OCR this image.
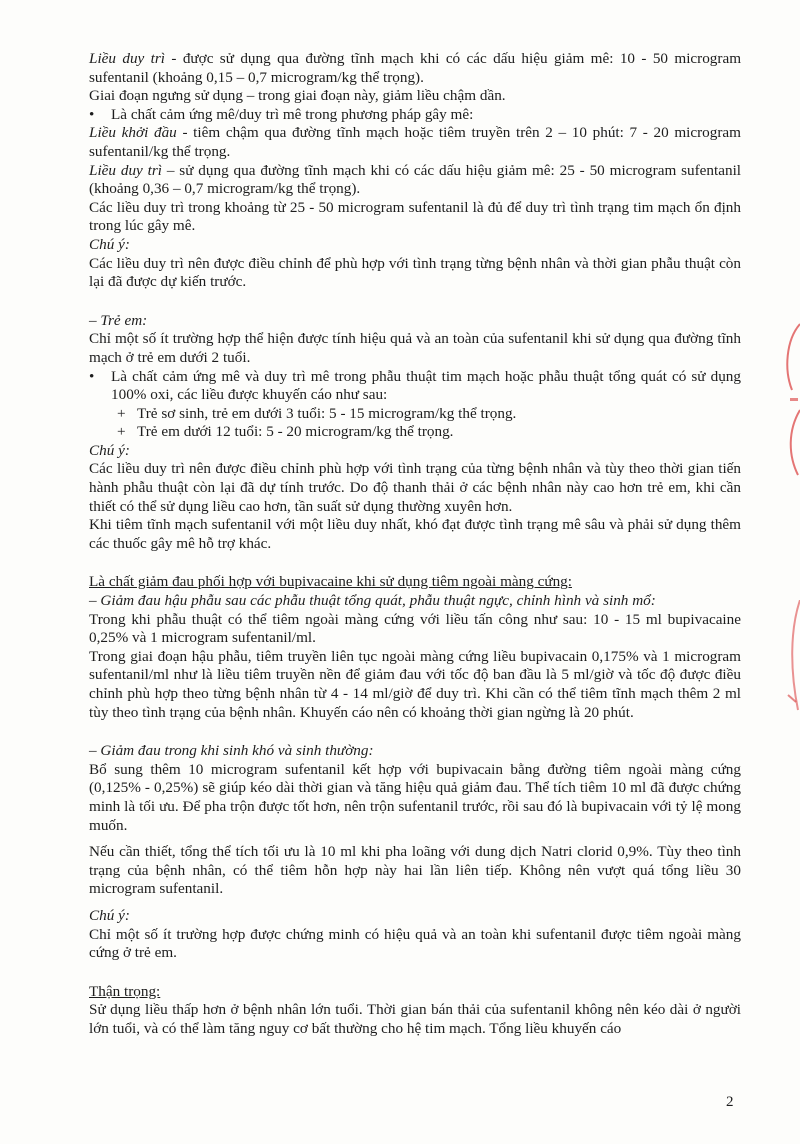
Liều duy trì - được sử dụng qua đường tĩnh mạch khi có các dấu hiệu giảm mê: 10 - 50 microgram sufentanil (khoảng 0,15 – 0,7 microgram/kg thể trọng).

Giai đoạn ngưng sử dụng – trong giai đoạn này, giảm liều chậm dần.

•	Là chất cảm ứng mê/duy trì mê trong phương pháp gây mê:

Liều khởi đầu - tiêm chậm qua đường tĩnh mạch hoặc tiêm truyền trên 2 – 10 phút: 7 - 20 microgram sufentanil/kg thể trọng.

Liều duy trì – sử dụng qua đường tĩnh mạch khi có các dấu hiệu giảm mê: 25 - 50 microgram sufentanil (khoảng 0,36 – 0,7 microgram/kg thể trọng).

Các liều duy trì trong khoảng từ 25 - 50 microgram sufentanil là đủ để duy trì tình trạng tim mạch ổn định trong lúc gây mê.

Chú ý:

Các liều duy trì nên được điều chỉnh để phù hợp với tình trạng từng bệnh nhân và thời gian phẫu thuật còn lại đã được dự kiến trước.

– Trẻ em:

Chỉ một số ít trường hợp thể hiện được tính hiệu quả và an toàn của sufentanil khi sử dụng qua đường tĩnh mạch ở trẻ em dưới 2 tuổi.

•	Là chất cảm ứng mê và duy trì mê trong phẫu thuật tim mạch hoặc phẫu thuật tổng quát có sử dụng 100% oxi, các liều được khuyến cáo như sau:
+ Trẻ sơ sinh, trẻ em dưới 3 tuổi: 5 - 15 microgram/kg thể trọng.
+ Trẻ em dưới 12 tuổi: 5 - 20 microgram/kg thể trọng.

Chú ý:

Các liều duy trì nên được điều chỉnh phù hợp với tình trạng của từng bệnh nhân và tùy theo thời gian tiến hành phẫu thuật còn lại đã dự tính trước. Do độ thanh thải ở các bệnh nhân này cao hơn trẻ em, khi cần thiết có thể sử dụng liều cao hơn, tần suất sử dụng thường xuyên hơn.

Khi tiêm tĩnh mạch sufentanil với một liều duy nhất, khó đạt được tình trạng mê sâu và phải sử dụng thêm các thuốc gây mê hỗ trợ khác.

Là chất giảm đau phối hợp với bupivacaine khi sử dụng tiêm ngoài màng cứng:

– Giảm đau hậu phẫu sau các phẫu thuật tổng quát, phẫu thuật ngực, chỉnh hình và sinh mổ:

Trong khi phẫu thuật có thể tiêm ngoài màng cứng với liều tấn công như sau: 10 - 15 ml bupivacaine 0,25% và 1 microgram sufentanil/ml.

Trong giai đoạn hậu phẫu, tiêm truyền liên tục ngoài màng cứng liều bupivacain 0,175% và 1 microgram sufentanil/ml như là liều tiêm truyền nền để giảm đau với tốc độ ban đầu là 5 ml/giờ và tốc độ được điều chỉnh phù hợp theo từng bệnh nhân từ 4 - 14 ml/giờ để duy trì. Khi cần có thể tiêm tĩnh mạch thêm 2 ml tùy theo tình trạng của bệnh nhân. Khuyến cáo nên có khoảng thời gian ngừng là 20 phút.

– Giảm đau trong khi sinh khó và sinh thường:

Bổ sung thêm 10 microgram sufentanil kết hợp với bupivacain bằng đường tiêm ngoài màng cứng (0,125% - 0,25%) sẽ giúp kéo dài thời gian và tăng hiệu quả giảm đau. Thể tích tiêm 10 ml đã được chứng minh là tối ưu. Để pha trộn được tốt hơn, nên trộn sufentanil trước, rồi sau đó là bupivacain với tỷ lệ mong muốn.

Nếu cần thiết, tổng thể tích tối ưu là 10 ml khi pha loãng với dung dịch Natri clorid 0,9%. Tùy theo tình trạng của bệnh nhân, có thể tiêm hỗn hợp này hai lần liên tiếp. Không nên vượt quá tổng liều 30 microgram sufentanil.

Chú ý:

Chỉ một số ít trường hợp được chứng minh có hiệu quả và an toàn khi sufentanil được tiêm ngoài màng cứng ở trẻ em.

Thận trọng:

Sử dụng liều thấp hơn ở bệnh nhân lớn tuổi. Thời gian bán thải của sufentanil không nên kéo dài ở người lớn tuổi, và có thể làm tăng nguy cơ bất thường cho hệ tim mạch. Tổng liều khuyến cáo

2
